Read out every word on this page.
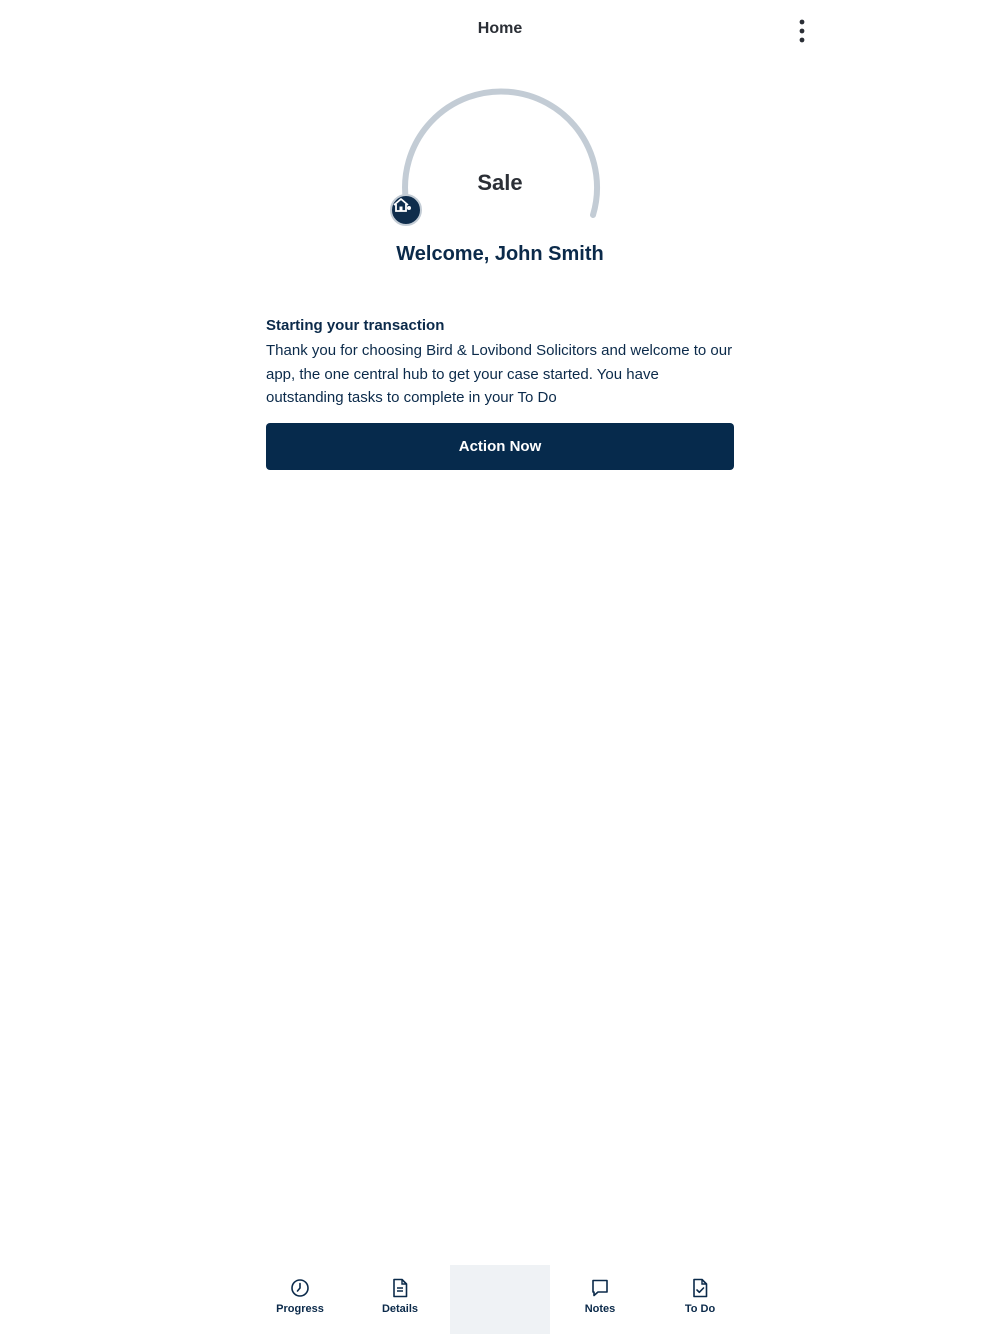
Home
Sale
Welcome, John Smith
Starting your transaction
Thank you for choosing Bird & Lovibond Solicitors and welcome to our app, the one central hub to get your case started. You have outstanding tasks to complete in your To Do
Action Now
Progress	Details	Notes	To Do
